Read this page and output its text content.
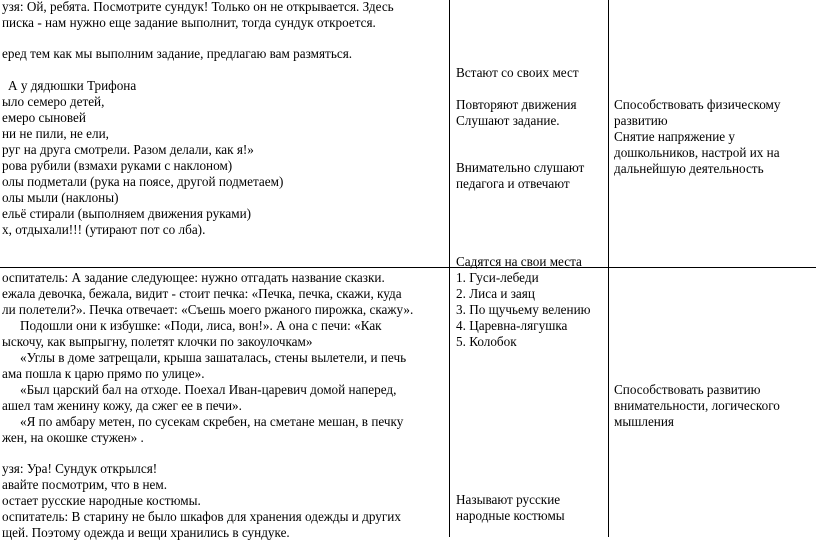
узя: Ой, ребята. Посмотрите сундук! Только он не открывается. Здесь
писка - нам нужно еще задание выполнит, тогда сундук откроется.
еред тем как мы выполним задание, предлагаю вам размяться.
А у дядюшки Трифона
ыло семеро детей,
емеро сыновей
ни не пили, не ели,
руг на друга смотрели. Разом делали, как я!»
рова рубили (взмахи руками с наклоном)
олы подметали (рука на поясе, другой подметаем)
олы мыли (наклоны)
ельё стирали (выполняем движения руками)
х, отдыхали!!! (утирают пот со лба).
Встают со своих мест
Повторяют движения
Слушают задание.
Внимательно слушают
педагога и отвечают
Садятся на свои места
Способствовать физическому
развитию
Снятие напряжение у
дошкольников, настрой их на
дальнейшую деятельность
оспитатель: А задание следующее: нужно отгадать название сказки.
ежала девочка, бежала, видит - стоит печка: «Печка, печка, скажи, куда
ли полетели?». Печка отвечает: «Съешь моего ржаного пирожка, скажу».
Подошли они к избушке: «Поди, лиса, вон!». А она с печи: «Как
ыскочу, как выпрыгну, полетят клочки по закоулочкам»
«Углы в доме затрещали, крыша зашаталась, стены вылетели, и печь
ама пошла к царю прямо по улице».
«Был царский бал на отходе. Поехал Иван-царевич домой наперед,
ашел там женину кожу, да сжег ее в печи».
«Я по амбару метен, по сусекам скребен, на сметане мешан, в печку
жен, на окошке стужен» .
узя: Ура! Сундук открылся!
авайте посмотрим, что в нем.
остает русские народные костюмы.
оспитатель: В старину не было шкафов для хранения одежды и других
щей. Поэтому одежда и вещи хранились в сундуке.
1. Гуси-лебеди
2. Лиса и заяц
3. По щучьему велению
4. Царевна-лягушка
5. Колобок
Называют русские
народные костюмы
Способствовать развитию
внимательности, логического
мышления
